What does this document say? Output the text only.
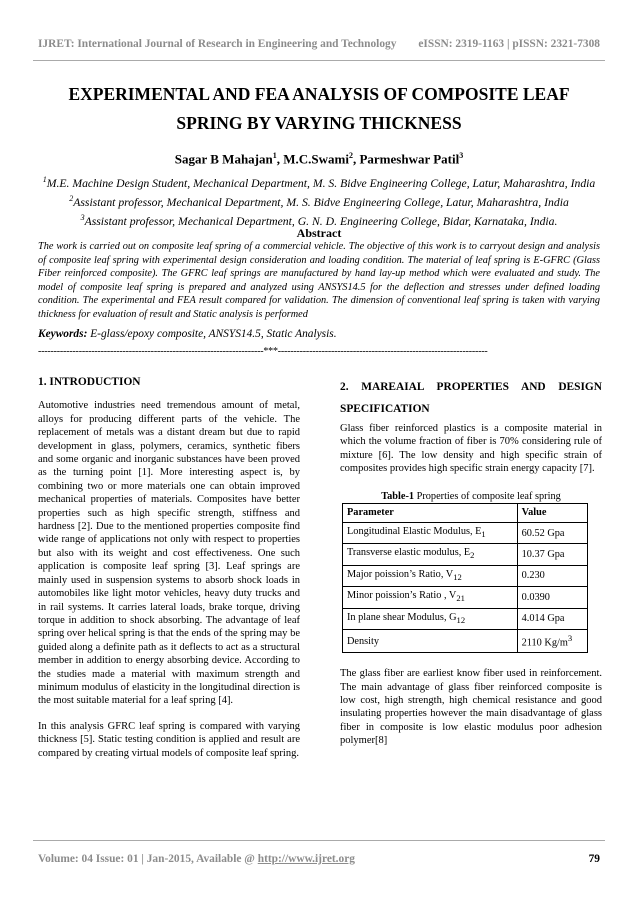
IJRET: International Journal of Research in Engineering and Technology eISSN: 2319-1163 | pISSN: 2321-7308
EXPERIMENTAL AND FEA ANALYSIS OF COMPOSITE LEAF
SPRING BY VARYING THICKNESS
Sagar B Mahajan$^1$, M.C.Swami$^2$, Parmeshwar Patil$^3$
$^1$M.E. Machine Design Student, Mechanical Department, M. S. Bidve Engineering College, Latur, Maharashtra, India
$^2$Assistant professor, Mechanical Department, M. S. Bidve Engineering College, Latur, Maharashtra, India
$^3$Assistant professor, Mechanical Department, G. N. D. Engineering College, Bidar, Karnataka, India.
Abstract
The work is carried out on composite leaf spring of a commercial vehicle. The objective of this work is to carryout design and analysis of composite leaf spring with experimental design consideration and loading condition. The material of leaf spring is E-GFRC (Glass Fiber reinforced composite). The GFRC leaf springs are manufactured by hand lay-up method which were evaluated and study. The model of composite leaf spring is prepared and analyzed using ANSYS14.5 for the deflection and stresses under defined loading condition. The experimental and FEA result compared for validation. The dimension of conventional leaf spring is taken with varying thickness for evaluation of result and Static analysis is performed
Keywords: E-glass/epoxy composite, ANSYS14.5, Static Analysis.
------------------------------------------------------------------------***-------------------------------------------------------------------
1. INTRODUCTION

Automotive industries need tremendous amount of metal, alloys for producing different parts of the vehicle. The replacement of metals was a distant dream but due to rapid development in glass, polymers, ceramics, synthetic fibers and some organic and inorganic substances have been proved as the turning point [1]. More interesting aspect is, by combining two or more materials one can obtain improved mechanical properties of materials. Composites have better properties such as high specific strength, stiffness and hardness [2]. Due to the mentioned properties composite find wide range of applications not only with respect to properties but also with its weight and cost effectiveness. One such application is composite leaf spring [3]. Leaf springs are mainly used in suspension systems to absorb shock loads in automobiles like light motor vehicles, heavy duty trucks and in rail systems. It carries lateral loads, brake torque, driving torque in addition to shock absorbing. The advantage of leaf spring over helical spring is that the ends of the spring may be guided along a definite path as it deflects to act as a structural member in addition to energy absorbing device. According to the studies made a material with maximum strength and minimum modulus of elasticity in the longitudinal direction is the most suitable material for a leaf spring [4].

In this analysis GFRC leaf spring is compared with varying thickness [5]. Static testing condition is applied and result are compared by creating virtual models of composite leaf spring.

2. MAREAIAL PROPERTIES AND DESIGN SPECIFICATION

Glass fiber reinforced plastics is a composite material in which the volume fraction of fiber is 70% considering rule of mixture [6]. The low density and high specific strain of composites provides high specific strain energy capacity [7].

Table-1 Properties of composite leaf spring
Parameter	Value
Longitudinal Elastic Modulus, $E_1$	60.52 Gpa
Transverse elastic modulus, $E_2$	10.37 Gpa
Major poission’s Ratio, $V_{12}$	0.230
Minor poission’s Ratio , $V_{21}$	0.0390
In plane shear Modulus, $G_{12}$	4.014 Gpa
Density	2110 $Kg/m^3$

The glass fiber are earliest know fiber used in reinforcement. The main advantage of glass fiber reinforced composite is low cost, high strength, high chemical resistance and good insulating properties however the main disadvantage of glass fiber in composite is low elastic modulus poor adhesion polymer[8]

Volume: 04 Issue: 01 | Jan-2015, Available @ http://www.ijret.org	79
